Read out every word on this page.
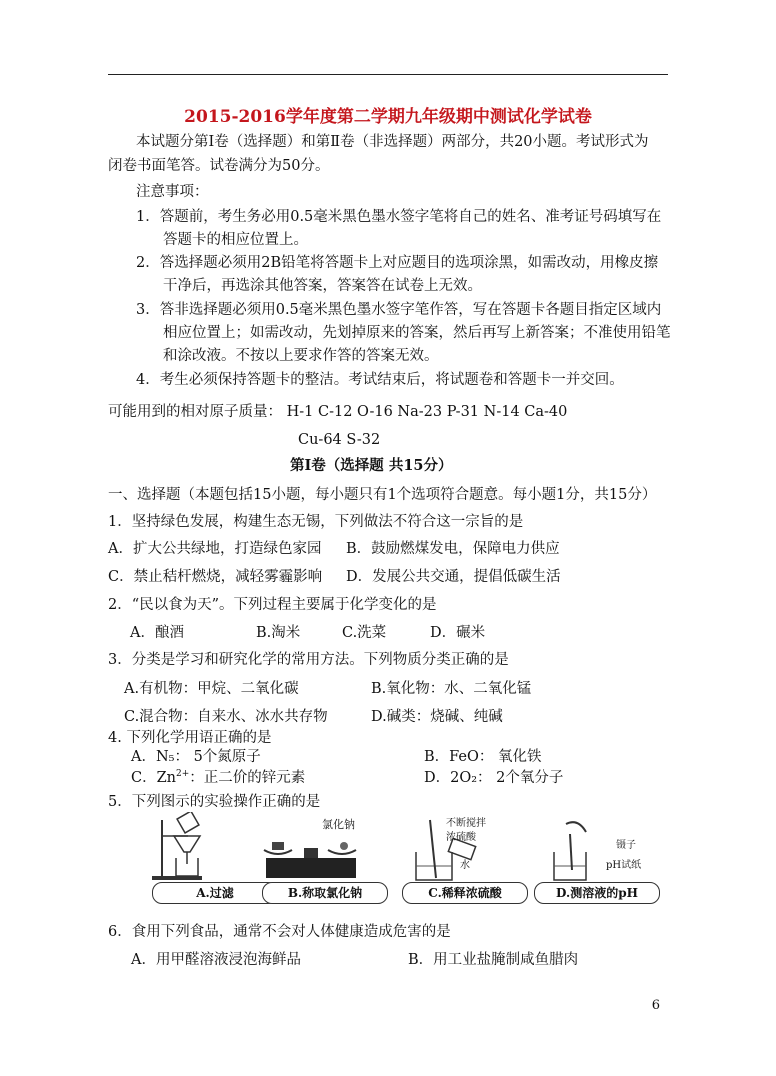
2015-2016学年度第二学期九年级期中测试化学试卷
本试题分第Ⅰ卷（选择题）和第Ⅱ卷（非选择题）两部分，共20小题。考试形式为
闭卷书面笔答。试卷满分为50分。
注意事项：
1．答题前，考生务必用0.5毫米黑色墨水签字笔将自己的姓名、准考证号码填写在
答题卡的相应位置上。
2．答选择题必须用2B铅笔将答题卡上对应题目的选项涂黑，如需改动，用橡皮擦
干净后，再选涂其他答案，答案答在试卷上无效。
3．答非选择题必须用0.5毫米黑色墨水签字笔作答，写在答题卡各题目指定区域内
相应位置上；如需改动，先划掉原来的答案，然后再写上新答案；不准使用铅笔
和涂改液。不按以上要求作答的答案无效。
4．考生必须保持答题卡的整洁。考试结束后，将试题卷和答题卡一并交回。
可能用到的相对原子质量： H-1 C-12 O-16 Na-23 P-31 N-14 Ca-40
Cu-64 S-32
第Ⅰ卷（选择题 共15分）
一、选择题（本题包括15小题，每小题只有1个选项符合题意。每小题1分，共15分）
1．坚持绿色发展，构建生态无锡，下列做法不符合这一宗旨的是
A．扩大公共绿地，打造绿色家园 B．鼓励燃煤发电，保障电力供应
C．禁止秸杆燃烧，减轻雾霾影响 D．发展公共交通，提倡低碳生活
2．“民以食为天”。下列过程主要属于化学变化的是
A．酿酒	B.淘米	C.洗菜	D．碾米
3．分类是学习和研究化学的常用方法。下列物质分类正确的是
A.有机物：甲烷、二氧化碳	B.氧化物：水、二氧化锰
C.混合物：自来水、冰水共存物	D.碱类：烧碱、纯碱
4. 下列化学用语正确的是
A．N₅： 5个氮原子	B．FeO： 氧化铁
C．$Zn^{2+}$：正二价的锌元素	D．2O₂： 2个氧分子
5．下列图示的实验操作正确的是
A.过滤
氯化钠
B.称取氯化钠
不断搅拌
浓硫酸
水
C.稀释浓硫酸
镊子
pH试纸
D.测溶液的pH
6．食用下列食品，通常不会对人体健康造成危害的是
A．用甲醛溶液浸泡海鲜品	B．用工业盐腌制咸鱼腊肉
6
